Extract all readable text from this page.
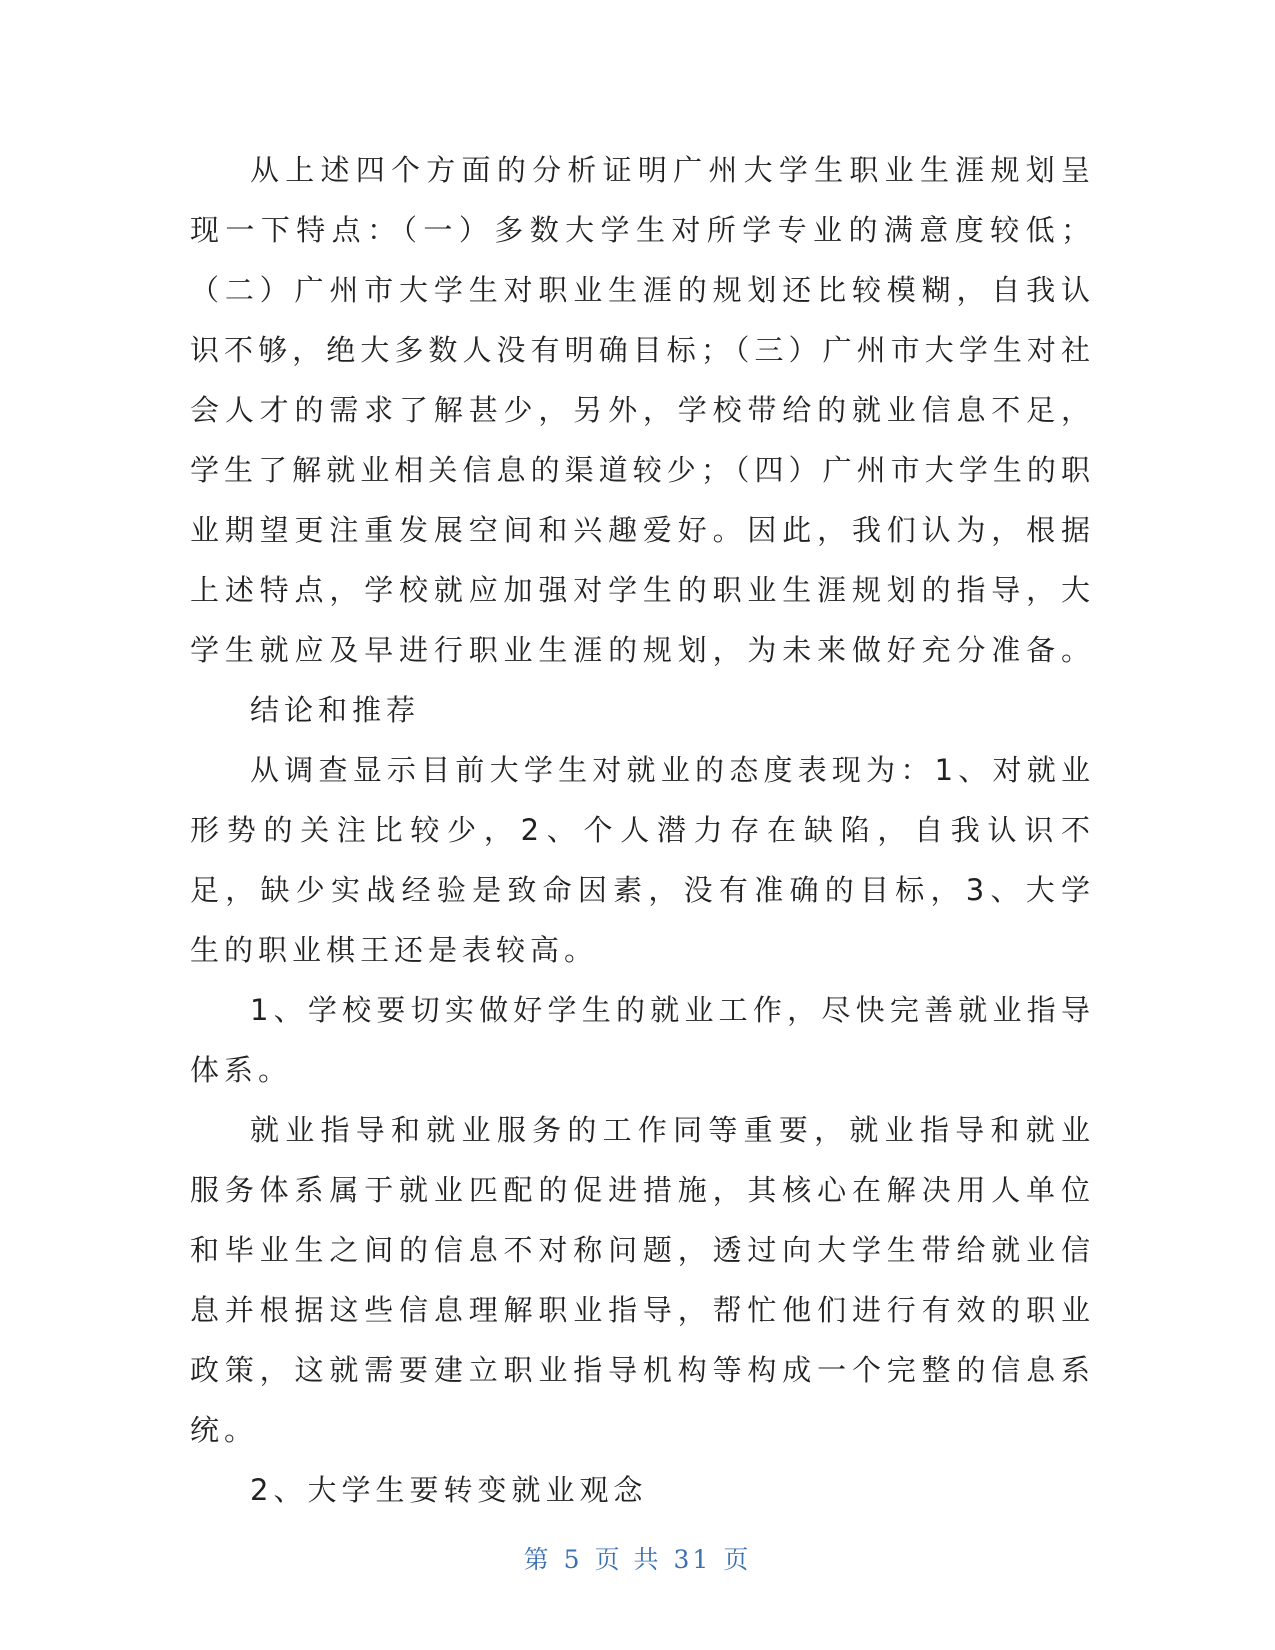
从上述四个方面的分析证明广州大学生职业生涯规划呈现一下特点：（一）多数大学生对所学专业的满意度较低；（二）广州市大学生对职业生涯的规划还比较模糊，自我认识不够，绝大多数人没有明确目标；（三）广州市大学生对社会人才的需求了解甚少，另外，学校带给的就业信息不足，学生了解就业相关信息的渠道较少；（四）广州市大学生的职业期望更注重发展空间和兴趣爱好。因此，我们认为，根据上述特点，学校就应加强对学生的职业生涯规划的指导，大学生就应及早进行职业生涯的规划，为未来做好充分准备。结论和推荐

从调查显示目前大学生对就业的态度表现为：1、对就业形势的关注比较少，2、个人潜力存在缺陷，自我认识不足，缺少实战经验是致命因素，没有准确的目标，3、大学生的职业棋王还是表较高。

1、学校要切实做好学生的就业工作，尽快完善就业指导体系。

就业指导和就业服务的工作同等重要，就业指导和就业服务体系属于就业匹配的促进措施，其核心在解决用人单位和毕业生之间的信息不对称问题，透过向大学生带给就业信息并根据这些信息理解职业指导，帮忙他们进行有效的职业政策，这就需要建立职业指导机构等构成一个完整的信息系统。

2、大学生要转变就业观念

第 5 页 共 31 页
